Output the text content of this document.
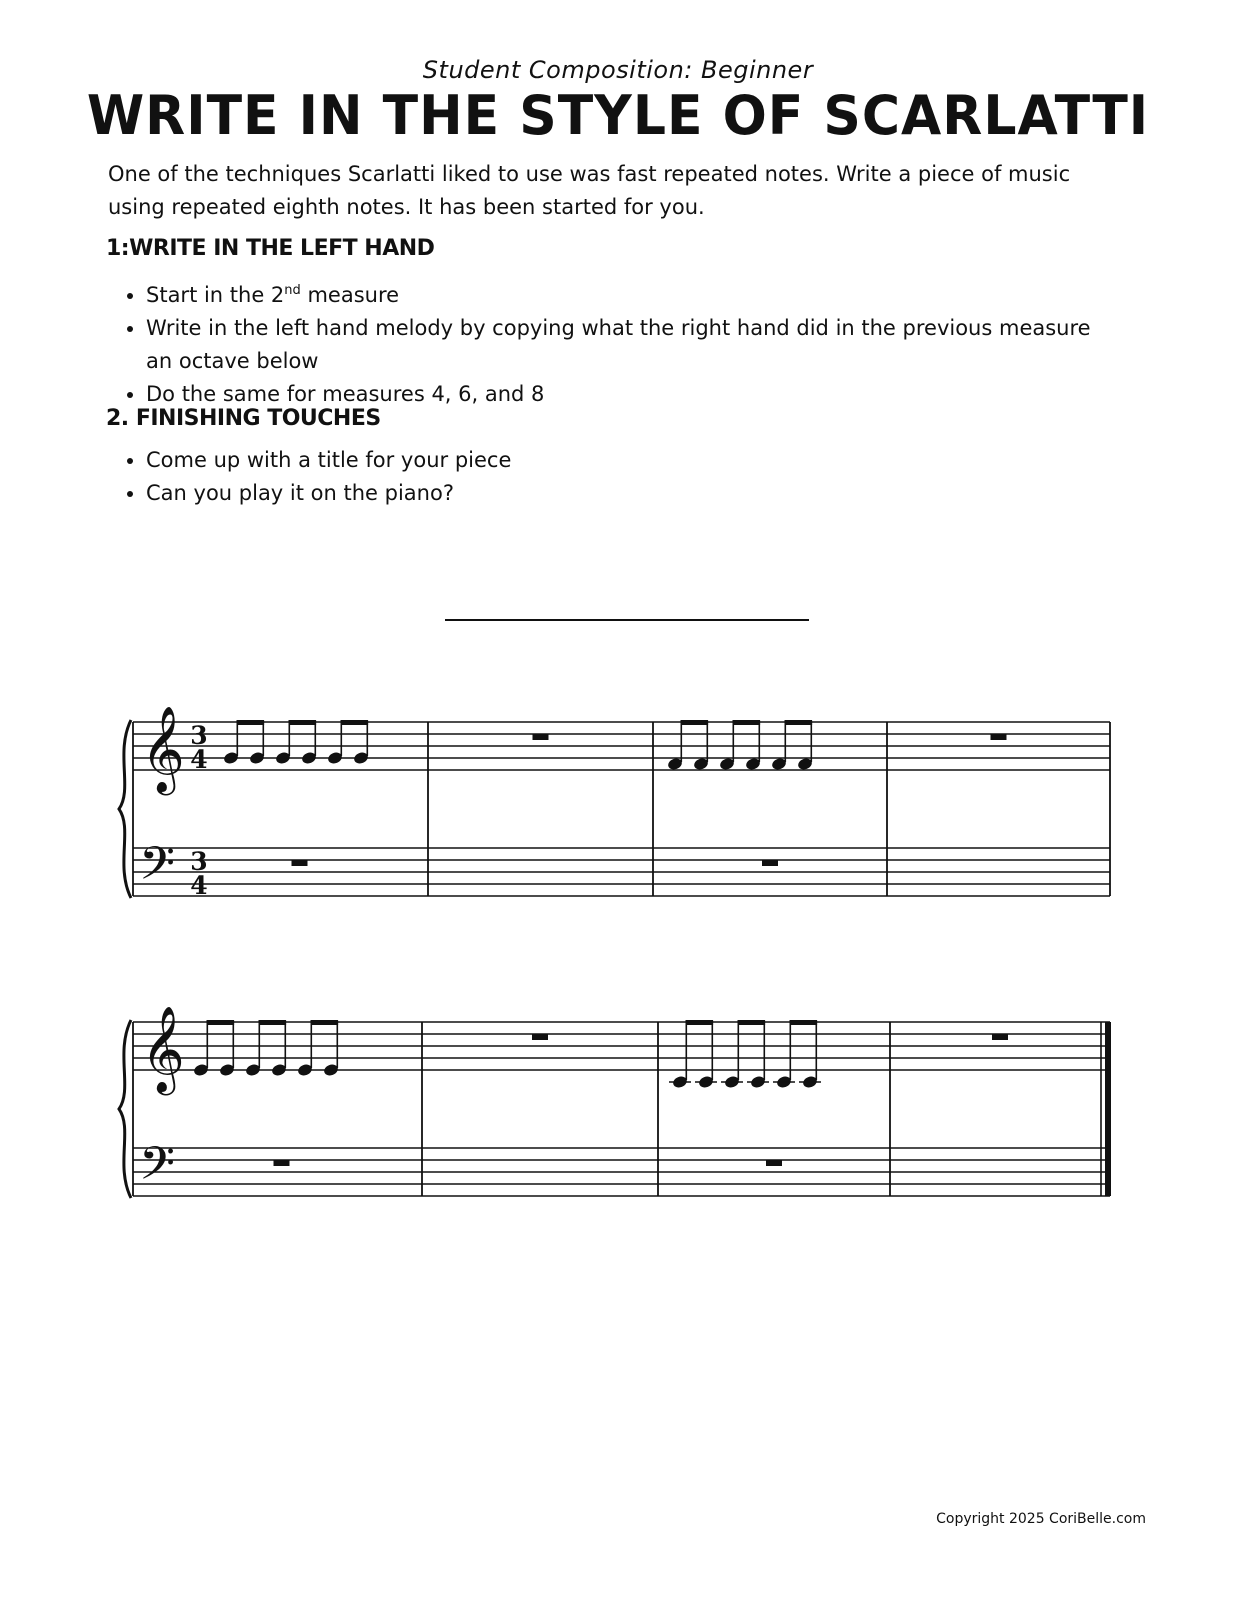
Student Composition: Beginner
WRITE IN THE STYLE OF SCARLATTI
One of the techniques Scarlatti liked to use was fast repeated notes. Write a piece of music using repeated eighth notes. It has been started for you.
1:WRITE IN THE LEFT HAND
• Start in the 2nd measure
• Write in the left hand melody by copying what the right hand did in the previous measure an octave below
• Do the same for measures 4, 6, and 8
2. FINISHING TOUCHES
• Come up with a title for your piece
• Can you play it on the piano?
𝄞
𝄢
3
4
3
4
𝄞
𝄢
Copyright 2025 CoriBelle.com
